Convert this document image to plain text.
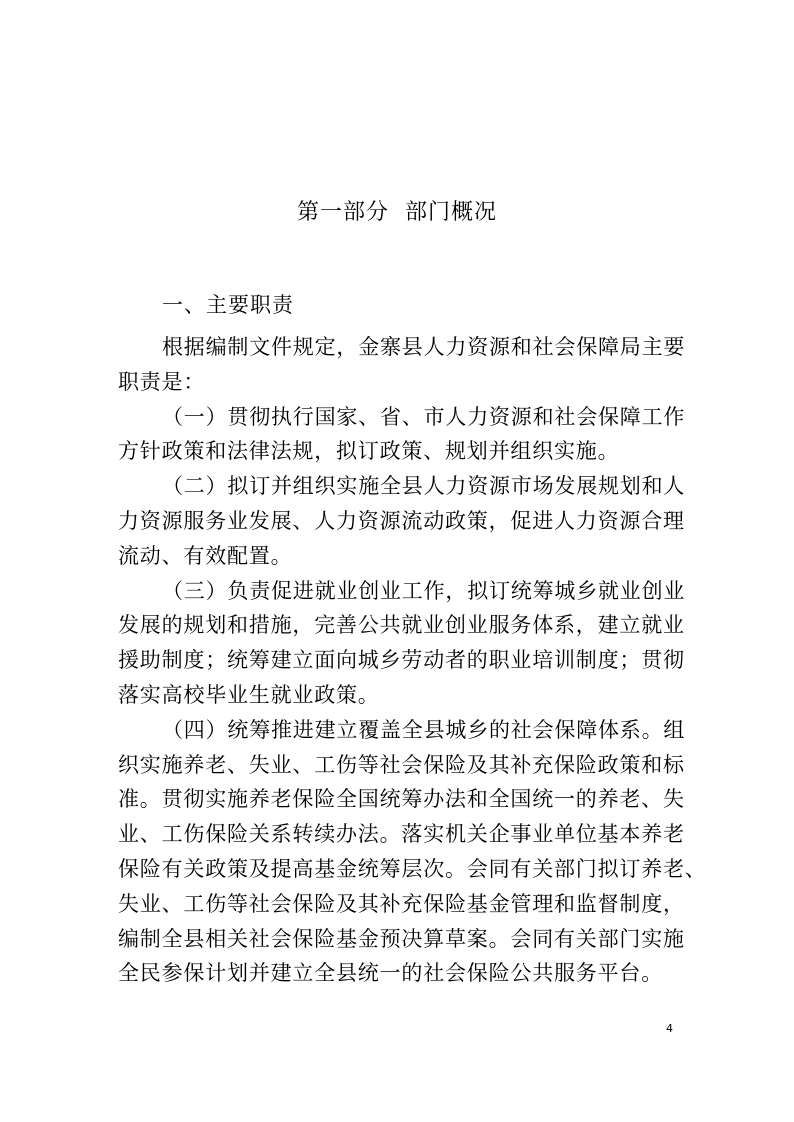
第一部分  部门概况
一、主要职责
根据编制文件规定，金寨县人力资源和社会保障局主要
职责是：
（一）贯彻执行国家、省、市人力资源和社会保障工作
方针政策和法律法规，拟订政策、规划并组织实施。
（二）拟订并组织实施全县人力资源市场发展规划和人
力资源服务业发展、人力资源流动政策，促进人力资源合理
流动、有效配置。
（三）负责促进就业创业工作，拟订统筹城乡就业创业
发展的规划和措施，完善公共就业创业服务体系，建立就业
援助制度；统筹建立面向城乡劳动者的职业培训制度；贯彻
落实高校毕业生就业政策。
（四）统筹推进建立覆盖全县城乡的社会保障体系。组
织实施养老、失业、工伤等社会保险及其补充保险政策和标
准。贯彻实施养老保险全国统筹办法和全国统一的养老、失
业、工伤保险关系转续办法。落实机关企事业单位基本养老
保险有关政策及提高基金统筹层次。会同有关部门拟订养老、
失业、工伤等社会保险及其补充保险基金管理和监督制度，
编制全县相关社会保险基金预决算草案。会同有关部门实施
全民参保计划并建立全县统一的社会保险公共服务平台。
4
